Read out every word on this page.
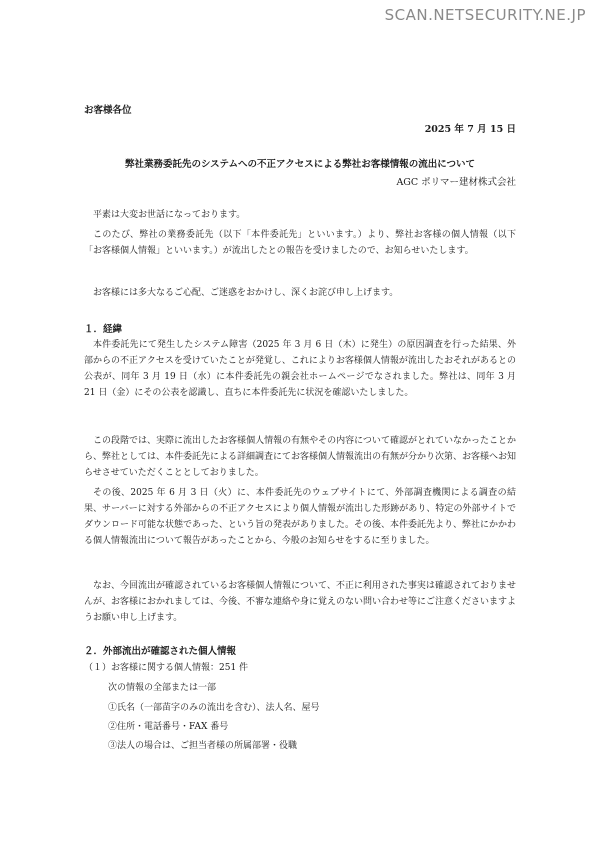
SCAN.NETSECURITY.NE.JP
お客様各位
2025 年 7 月 15 日
弊社業務委託先のシステムへの不正アクセスによる弊社お客様情報の流出について
AGC ポリマー建材株式会社
平素は大変お世話になっております。
このたび、弊社の業務委託先（以下「本件委託先」といいます。）より、弊社お客様の個人情報（以下「お客様個人情報」といいます。）が流出したとの報告を受けましたので、お知らせいたします。
お客様には多大なるご心配、ご迷惑をおかけし、深くお詫び申し上げます。
１．経緯
本件委託先にて発生したシステム障害（2025 年 3 月 6 日（木）に発生）の原因調査を行った結果、外部からの不正アクセスを受けていたことが発覚し、これによりお客様個人情報が流出したおそれがあるとの公表が、同年 3 月 19 日（水）に本件委託先の親会社ホームページでなされました。弊社は、同年 3 月 21 日（金）にその公表を認識し、直ちに本件委託先に状況を確認いたしました。
この段階では、実際に流出したお客様個人情報の有無やその内容について確認がとれていなかったことから、弊社としては、本件委託先による詳細調査にてお客様個人情報流出の有無が分かり次第、お客様へお知らせさせていただくこととしておりました。
その後、2025 年 6 月 3 日（火）に、本件委託先のウェブサイトにて、外部調査機関による調査の結果、サーバーに対する外部からの不正アクセスにより個人情報が流出した形跡があり、特定の外部サイトでダウンロード可能な状態であった、という旨の発表がありました。その後、本件委託先より、弊社にかかわる個人情報流出について報告があったことから、今般のお知らせをするに至りました。
なお、今回流出が確認されているお客様個人情報について、不正に利用された事実は確認されておりませんが、お客様におかれましては、今後、不審な連絡や身に覚えのない問い合わせ等にご注意くださいますようお願い申し上げます。
２．外部流出が確認された個人情報
（１）お客様に関する個人情報：251 件
次の情報の全部または一部
①氏名（一部苗字のみの流出を含む）、法人名、屋号
②住所・電話番号・FAX 番号
③法人の場合は、ご担当者様の所属部署・役職
